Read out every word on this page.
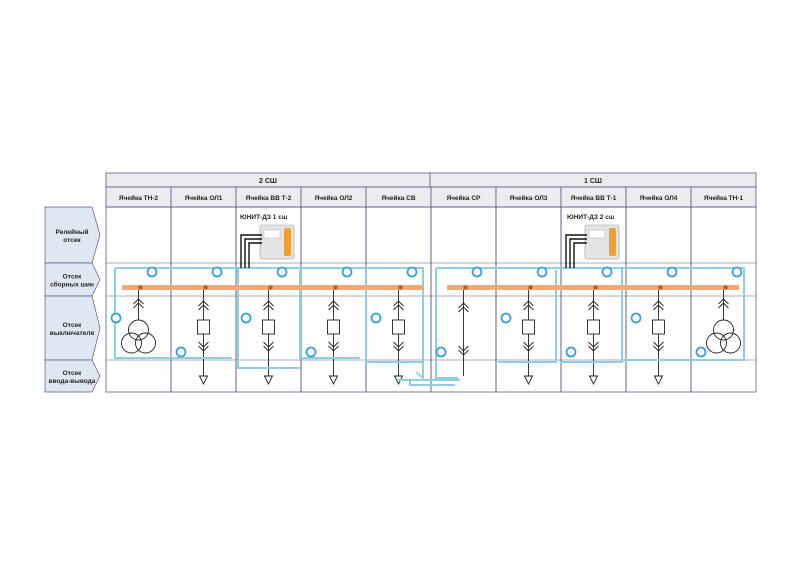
2 СШ	1 СШ
Ячейка ТН-2	Ячейка ОЛ1	Ячейка ВВ Т-2	Ячейка ОЛ2	Ячейка СВ	Ячейка СР	Ячейка ОЛ3	Ячейка ВВ Т-1	Ячейка ОЛ4	Ячейка ТН-1
Релейный
отсек
Отсек
сборных шин
Отсек
выключателя
Отсек
ввода-вывода
ЮНИТ-ДЗ 1 сш	ЮНИТ-ДЗ 2 сш
